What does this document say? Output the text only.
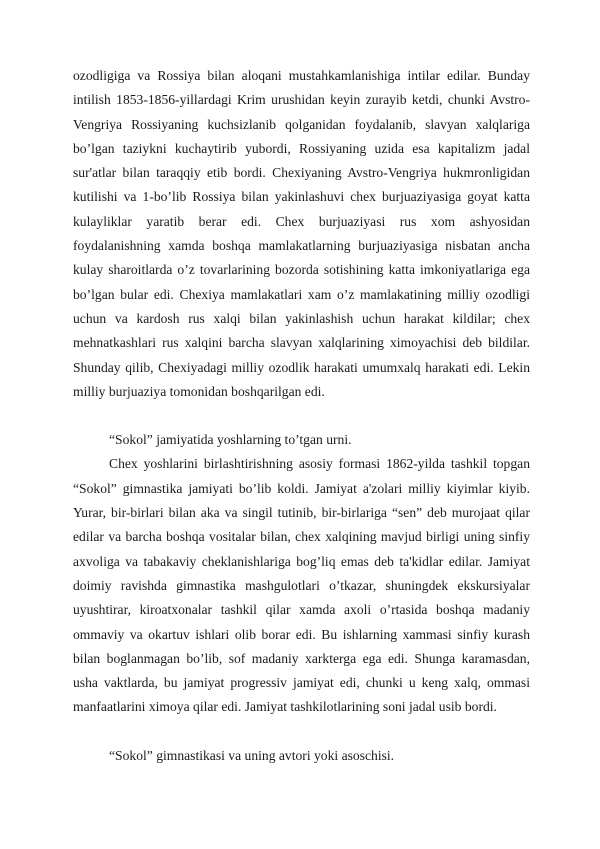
ozodligiga va Rossiya bilan aloqani mustahkamlanishiga intilar edilar. Bunday intilish 1853-1856-yillardagi Krim urushidan keyin zurayib ketdi, chunki Avstro-Vengriya Rossiyaning kuchsizlanib qolganidan foydalanib, slavyan xalqlariga bo’lgan taziykni kuchaytirib yubordi, Rossiyaning uzida esa kapitalizm jadal sur'atlar bilan taraqqiy etib bordi. Chexiyaning Avstro-Vengriya hukmronligidan kutilishi va 1-bo’lib Rossiya bilan yakinlashuvi chex burjuaziyasiga goyat katta kulayliklar yaratib berar edi. Chex burjuaziyasi rus xom ashyosidan foydalanishning xamda boshqa mamlakatlarning burjuaziyasiga nisbatan ancha kulay sharoitlarda o’z tovarlarining bozorda sotishining katta imkoniyatlariga ega bo’lgan bular edi. Chexiya mamlakatlari xam o’z mamlakatining milliy ozodligi uchun va kardosh rus xalqi bilan yakinlashish uchun harakat kildilar; chex mehnatkashlari rus xalqini barcha slavyan xalqlarining ximoyachisi deb bildilar. Shunday qilib, Chexiyadagi milliy ozodlik harakati umumxalq harakati edi. Lekin milliy burjuaziya tomonidan boshqarilgan edi.

“Sokol” jamiyatida yoshlarning to’tgan urni.

Chex yoshlarini birlashtirishning asosiy formasi 1862-yilda tashkil topgan “Sokol” gimnastika jamiyati bo’lib koldi. Jamiyat a'zolari milliy kiyimlar kiyib. Yurar, bir-birlari bilan aka va singil tutinib, bir-birlariga “sen” deb murojaat qilar edilar va barcha boshqa vositalar bilan, chex xalqining mavjud birligi uning sinfiy axvoliga va tabakaviy cheklanishlariga bog’liq emas deb ta'kidlar edilar. Jamiyat doimiy ravishda gimnastika mashgulotlari o’tkazar, shuningdek ekskursiyalar uyushtirar, kiroatxonalar tashkil qilar xamda axoli o’rtasida boshqa madaniy ommaviy va okartuv ishlari olib borar edi. Bu ishlarning xammasi sinfiy kurash bilan boglanmagan bo’lib, sof madaniy xarkterga ega edi. Shunga karamasdan, usha vaktlarda, bu jamiyat progressiv jamiyat edi, chunki u keng xalq, ommasi manfaatlarini ximoya qilar edi. Jamiyat tashkilotlarining soni jadal usib bordi.

“Sokol” gimnastikasi va uning avtori yoki asoschisi.
